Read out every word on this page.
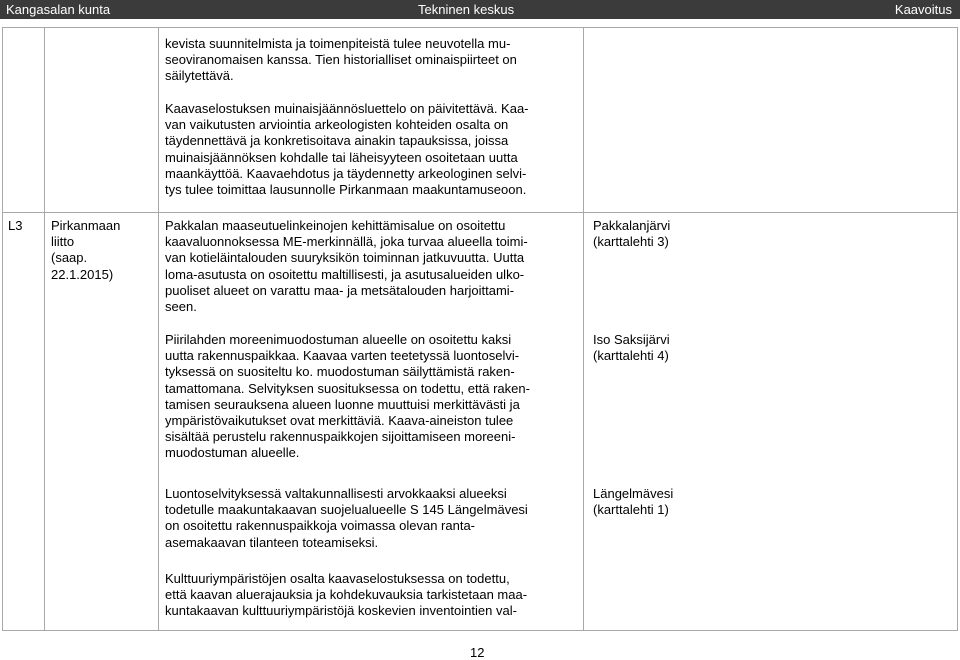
Kangasalan kunta	Tekninen keskus	Kaavoitus
kevista suunnitelmista ja toimenpiteistä tulee neuvotella mu-
seoviranomaisen kanssa. Tien historialliset ominaispiirteet on
säilytettävä.
Kaavaselostuksen muinaisjäännösluettelo on päivitettävä. Kaa-
van vaikutusten arviointia arkeologisten kohteiden osalta on
täydennettävä ja konkretisoitava ainakin tapauksissa, joissa
muinaisjäännöksen kohdalle tai läheisyyteen osoitetaan uutta
maankäyttöä. Kaavaehdotus ja täydennetty arkeologinen selvi-
tys tulee toimittaa lausunnolle Pirkanmaan maakuntamuseoon.
L3 Pirkanmaan
liitto
(saap.
22.1.2015)
Pakkalan maaseutuelinkeinojen kehittämisalue on osoitettu
kaavaluonnoksessa ME-merkinnällä, joka turvaa alueella toimi-
van kotieläintalouden suuryksikön toiminnan jatkuvuutta. Uutta
loma-asutusta on osoitettu maltillisesti, ja asutusalueiden ulko-
puoliset alueet on varattu maa- ja metsätalouden harjoittami-
seen.
Pakkalanjärvi
(karttalehti 3)
Piirilahden moreenimuodostuman alueelle on osoitettu kaksi
uutta rakennuspaikkaa. Kaavaa varten teetetyssä luontoselvi-
tyksessä on suositeltu ko. muodostuman säilyttämistä raken-
tamattomana. Selvityksen suosituksessa on todettu, että raken-
tamisen seurauksena alueen luonne muuttuisi merkittävästi ja
ympäristövaikutukset ovat merkittäviä. Kaava-aineiston tulee
sisältää perustelu rakennuspaikkojen sijoittamiseen moreeni-
muodostuman alueelle.
Iso Saksijärvi
(karttalehti 4)
Luontoselvityksessä valtakunnallisesti arvokkaaksi alueeksi
todetulle maakuntakaavan suojelualueelle S 145 Längelmävesi
on osoitettu rakennuspaikkoja voimassa olevan ranta-
asemakaavan tilanteen toteamiseksi.
Längelmävesi
(karttalehti 1)
Kulttuuriympäristöjen osalta kaavaselostuksessa on todettu,
että kaavan aluerajauksia ja kohdekuvauksia tarkistetaan maa-
kuntakaavan kulttuuriympäristöjä koskevien inventointien val-
12
